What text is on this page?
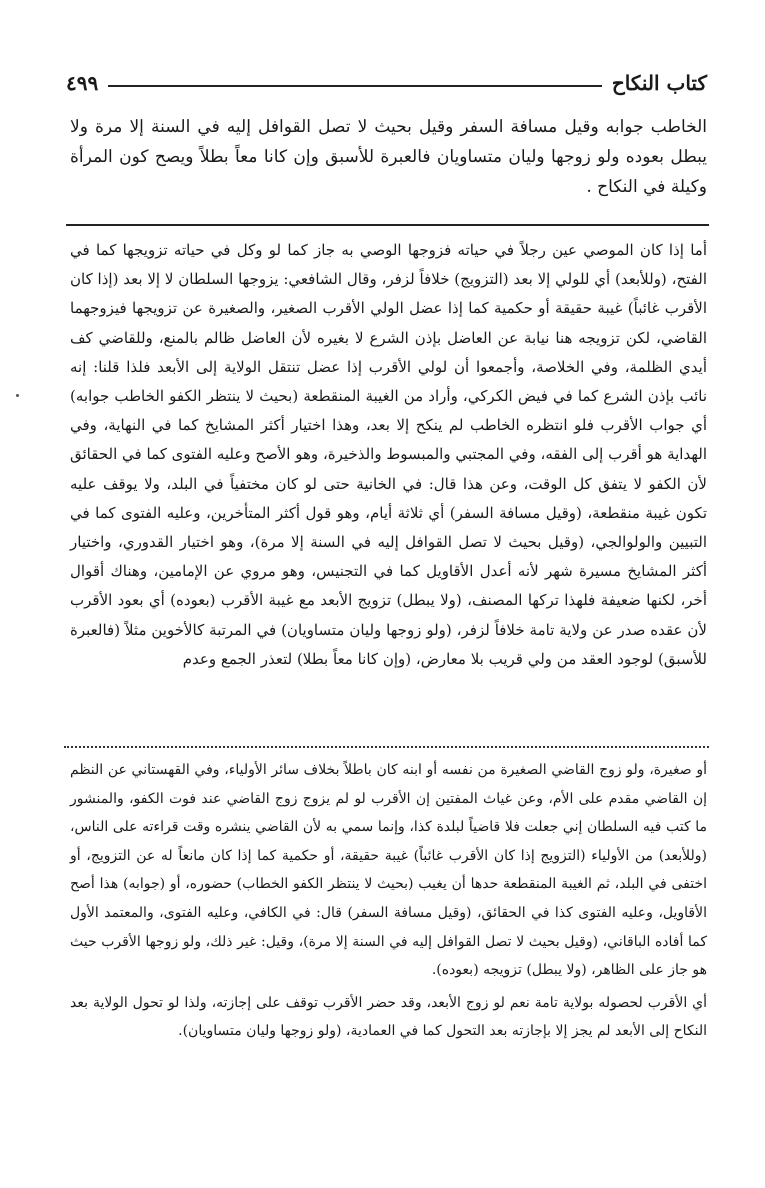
كتاب النكاح
٤٩٩

الخاطب جوابه وقيل مسافة السفر وقيل بحيث لا تصل القوافل إليه في السنة إلا مرة ولا يبطل بعوده ولو زوجها وليان متساويان فالعبرة للأسبق وإن كانا معاً بطلاً ويصح كون المرأة وكيلة في النكاح .

أما إذا كان الموصي عين رجلاً في حياته فزوجها الوصي به جاز كما لو وكل في حياته تزويجها كما في الفتح، (وللأبعد) أي للولي إلا بعد (التزويج) خلافاً لزفر، وقال الشافعي: يزوجها السلطان لا إلا بعد (إذا كان الأقرب غائباً) غيبة حقيقة أو حكمية كما إذا عضل الولي الأقرب الصغير، والصغيرة عن تزويجها فيزوجهما القاضي، لكن تزويجه هنا نيابة عن العاضل بإذن الشرع لا بغيره لأن العاضل ظالم بالمنع، وللقاضي كف أيدي الظلمة، وفي الخلاصة، وأجمعوا أن لولي الأقرب إذا عضل تنتقل الولاية إلى الأبعد فلذا قلنا: إنه نائب بإذن الشرع كما في فيض الكركي، وأراد من الغيبة المنقطعة (بحيث لا ينتظر الكفو الخاطب جوابه) أي جواب الأقرب فلو انتظره الخاطب لم ينكح إلا بعد، وهذا اختيار أكثر المشايخ كما في النهاية، وفي الهداية هو أقرب إلى الفقه، وفي المجتبي والمبسوط والذخيرة، وهو الأصح وعليه الفتوى كما في الحقائق لأن الكفو لا يتفق كل الوقت، وعن هذا قال: في الخانية حتى لو كان مختفياً في البلد، ولا يوقف عليه تكون غيبة منقطعة، (وقيل مسافة السفر) أي ثلاثة أيام، وهو قول أكثر المتأخرين، وعليه الفتوى كما في التبيين والولوالجي، (وقيل بحيث لا تصل القوافل إليه في السنة إلا مرة)، وهو اختيار القدوري، واختيار أكثر المشايخ مسيرة شهر لأنه أعدل الأقاويل كما في التجنيس، وهو مروي عن الإمامين، وهناك أقوال أخر، لكنها ضعيفة فلهذا تركها المصنف، (ولا يبطل) تزويج الأبعد مع غيبة الأقرب (بعوده) أي بعود الأقرب لأن عقده صدر عن ولاية تامة خلافاً لزفر، (ولو زوجها وليان متساويان) في المرتبة كالأخوين مثلاً (فالعبرة للأسبق) لوجود العقد من ولي قريب بلا معارض، (وإن كانا معاً بطلا) لتعذر الجمع وعدم

أو صغيرة، ولو زوج القاضي الصغيرة من نفسه أو ابنه كان باطلاً بخلاف سائر الأولياء، وفي القهستاني عن النظم إن القاضي مقدم على الأم، وعن غياث المفتين إن الأقرب لو لم يزوج زوج القاضي عند فوت الكفو، والمنشور ما كتب فيه السلطان إني جعلت فلا قاضياً لبلدة كذا، وإنما سمي به لأن القاضي ينشره وقت قراءته على الناس، (وللأبعد) من الأولياء (التزويج إذا كان الأقرب غائباً) غيبة حقيقة، أو حكمية كما إذا كان مانعاً له عن التزويج، أو اختفى في البلد، ثم الغيبة المنقطعة حدها أن يغيب (بحيث لا ينتظر الكفو الخطاب) حضوره، أو (جوابه) هذا أصح الأقاويل، وعليه الفتوى كذا في الحقائق، (وقيل مسافة السفر) قال: في الكافي، وعليه الفتوى، والمعتمد الأول كما أفاده الباقاني، (وقيل بحيث لا تصل القوافل إليه في السنة إلا مرة)، وقيل: غير ذلك، ولو زوجها الأقرب حيث هو جاز على الظاهر، (ولا يبطل) تزويجه (بعوده).

أي الأقرب لحصوله بولاية تامة نعم لو زوج الأبعد، وقد حضر الأقرب توقف على إجازته، ولذا لو تحول الولاية بعد النكاح إلى الأبعد لم يجز إلا بإجازته بعد التحول كما في العمادية، (ولو زوجها وليان متساويان).
